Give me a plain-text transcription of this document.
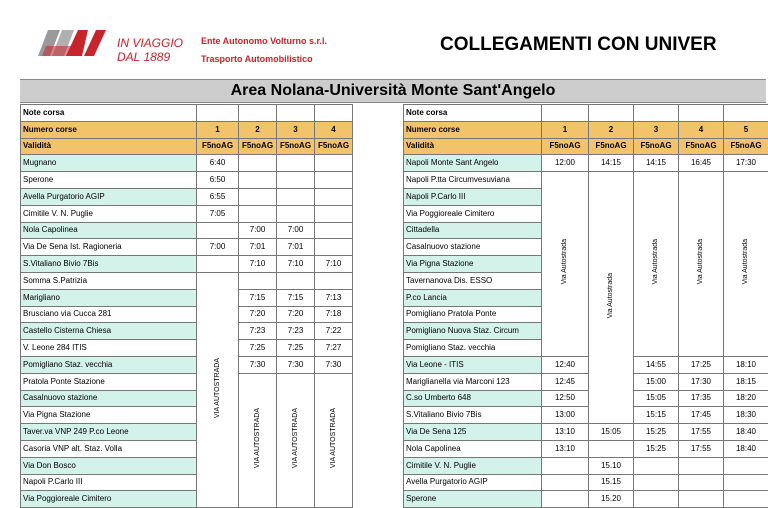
IN VIAGGIO
DAL 1889
Ente Autonomo Volturno s.r.l.
Trasporto Automobilistico
COLLEGAMENTI CON UNIVER
Area Nolana-Università Monte Sant'Angelo
Note corsa				
Numero corse	1	2	3	4
Validità	F5noAG	F5noAG	F5noAG	F5noAG
Mugnano	6:40			
Sperone	6:50			
Avella Purgatorio AGIP	6:55			
Cimitile V. N. Puglie	7:05			
Nola Capolinea		7:00	7:00	
Via De Sena Ist. Ragioneria	7:00	7:01	7:01	
S.Vitaliano Bivio 7Bis		7:10	7:10	7:10
Somma S.Patrizia	VIA AUTOSTRADA			
Marigliano		7:15	7:15	7:13
Brusciano via Cucca 281		7:20	7:20	7:18
Castello Cisterna Chiesa		7:23	7:23	7:22
V. Leone 284 ITIS		7:25	7:25	7:27
Pomigliano Staz. vecchia		7:30	7:30	7:30
Pratola Ponte Stazione		VIA AUTOSTRADA	VIA AUTOSTRADA	VIA AUTOSTRADA
Casalnuovo stazione				
Via Pigna Stazione				
Taver.va VNP 249 P.co Leone				
Casoria VNP alt. Staz. Volla				
Via Don Bosco				
Napoli P.Carlo III				
Via Poggioreale Cimitero				
Note corsa					
Numero corse	1	2	3	4	5
Validità	F5noAG	F5noAG	F5noAG	F5noAG	F5noAG
Napoli Monte Sant Angelo	12:00	14:15	14:15	16:45	17:30
Napoli P.tta Circumvesuviana	Via Autostrada	Via Autostrada	Via Autostrada	Via Autostrada	Via Autostrada
Napoli P.Carlo III					
Via Poggioreale Cimitero					
Cittadella					
Casalnuovo stazione					
Via Pigna Stazione					
Tavernanova Dis. ESSO					
P.co Lancia					
Pomigliano Pratola Ponte					
Pomigliano Nuova Staz. Circum					
Pomigliano Staz. vecchia					
Via Leone - ITIS	12:40		14:55	17:25	18:10
Mariglianella via Marconi 123	12:45		15:00	17:30	18:15
C.so Umberto 648	12:50		15:05	17:35	18:20
S.Vitaliano Bivio 7Bis	13:00		15:15	17:45	18:30
Via De Sena 125	13:10	15:05	15:25	17:55	18:40
Nola Capolinea	13:10		15:25	17:55	18:40
Cimitile V. N. Puglie		15.10			
Avella Purgatorio AGIP		15.15			
Sperone		15.20			
